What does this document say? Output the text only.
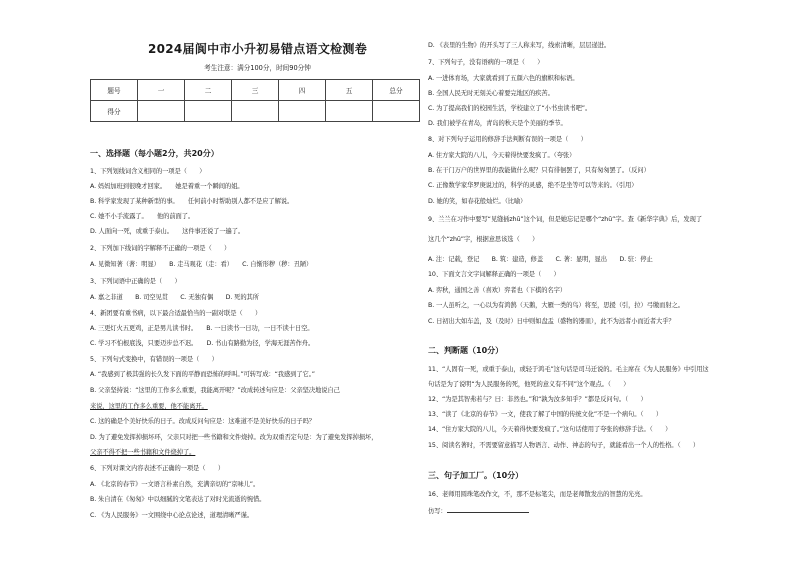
2024届阆中市小升初易错点语文检测卷
考生注意：满分100分，时间90分钟
题号	一	二	三	四	五	总分
得分						
一、选择题（每小题2分，共20分）
1、下列划线词含义相同的一项是（　　）
A. 妈妈加班到很晚才回家。　　她是着重一个瞬间的姐。
B. 科学家发现了某种新型的事。　　任何前小时帮助别人都不是应了解说。
C. 她不小手流露了。　　他的前面了。
D. 人面向一死，或重于泰山。　　这件事还说了一遍了。
2、下列加下线词的字解释不正确的一项是（　　）
A. 见微知著（著：明显）　　B. 走马观花（走：看）　　C. 自惭形秽（秽：丑陋）
3、下列词语中正确的是（　　）
A. 嘉之非道　　B. 司空见贯　　C. 无独有偶　　D. 死的其所
4、新团要有重书病，以下最合适最恰当的一副对联是（　　）
A. 三更灯火五更鸡，正是男儿读书时。　　B. 一日读书一日功，一日不读十日空。
C. 学习不怕根底浅，只要迈步总不迟。　　D. 书山有路勤为径，学海无涯苦作舟。
5、下列句式变换中，有错误的一项是（　　）
A. “我感到了极其强的长久发下面的平静而恐怖的呼叫。”可转写成：“我感到了它。”
B. 父亲坚持说：“这里的工作多么重要，我能离开呢？”改成转述句应是：父亲坚决地说自己
来说，这里的工作多么重要，他不能离开。
C. 这的确是个美好快乐的日子。改成反问句应是：这难道不是美好快乐的日子吗？
D. 为了避免发挥掉损坏环，父亲只对把一些书籍和文件烧掉。改为双重否定句是：为了避免发挥掉损坏，
父亲不得不把一些书籍和文件烧掉了。
6、下列对课文内容表述不正确的一项是（　　）
A. 《北京的春节》一文语言朴素自然，充满亲切的“京味儿”。
B. 朱自清在《匆匆》中以细腻的文笔表达了对时光流逝的惋惜。
C. 《为人民服务》一文围绕中心论点论述，道理清晰严谨。
D. 《表里的生物》的开头写了三人称来写，线索清晰，层层递进。
7、下列句子，没有语病的一项是（　　）
A. 一进体育场，大家就看到了五颜六色的旗帜和标语。
B. 全国人民无时无刻关心着要完地区的疾苦。
C. 为了提高我们的校园生活，学校建立了“小书虫读书吧”。
D. 我们被学在青岛，青岛的秋天是个美丽的季节。
8、对下列句子运用的修辞手法判断有误的一项是（　　）
A. 住方家大院的八儿，今天着得快要发疯了。（夸张）
B. 在干门万户的世界里的我能做什么呢？只有徘徊罢了，只有匆匆罢了。（反问）
C. 正像数学家华罗庚说过的，科学的灵感，绝不是坐等可以等来的。（引用）
D. 她的笑，如春花般灿烂。（比喻）
9、兰兰在习作中要写“见缝插zhū”这个词，但是她忘记是哪个“zhū”字。查《新华字典》后，发现了
这几个“zhū”字，根据意思该选（　　）
A. 注：记载，登记　　B. 筑：建造，修盖　　C. 著：显明，显出　　D. 驻：停止
10、下面文言文字词解释正确的一项是（　　）
A. 弈秋，通国之善（喜欢）弈者也（下棋的名字）
B. 一人虽听之，一心以为有鸿鹄（天鹅，大雁一类的鸟）将至，思援（引，拉）弓缴而射之。
C. 日初出大如车盖，及（及时）日中则如盘盂（盛物的器皿），此不为远者小而近者大乎？
二、判断题（10分）
11、“人固有一死，或重于泰山，或轻于鸿毛”这句话是司马迁说的。毛主席在《为人民服务》中引用这
句话是为了说明“为人民服务的死，他死的意义有不同”这个观点。（　　）
12、“为是其智弗若与？曰：非然也。”和“孰为汝多知乎？”都是反问句。（　　）
13、“读了《北京的春节》一文，使我了解了中国的传统文化”不是一个病句。（　　）
14、“住方家大院的八儿，今天着得快要发疯了。”这句话使用了夸张的修辞手法。（　　）
15、阅读名著时，不需要留意描写人物语言、动作、神态的句子，就能看出一个人的性格。（　　）
三、句子加工厂。（10分）
16、老师用圆珠笔改作文，不，那不是标笔尖，而是老师散发出的智慧的光亮。
仿写：
